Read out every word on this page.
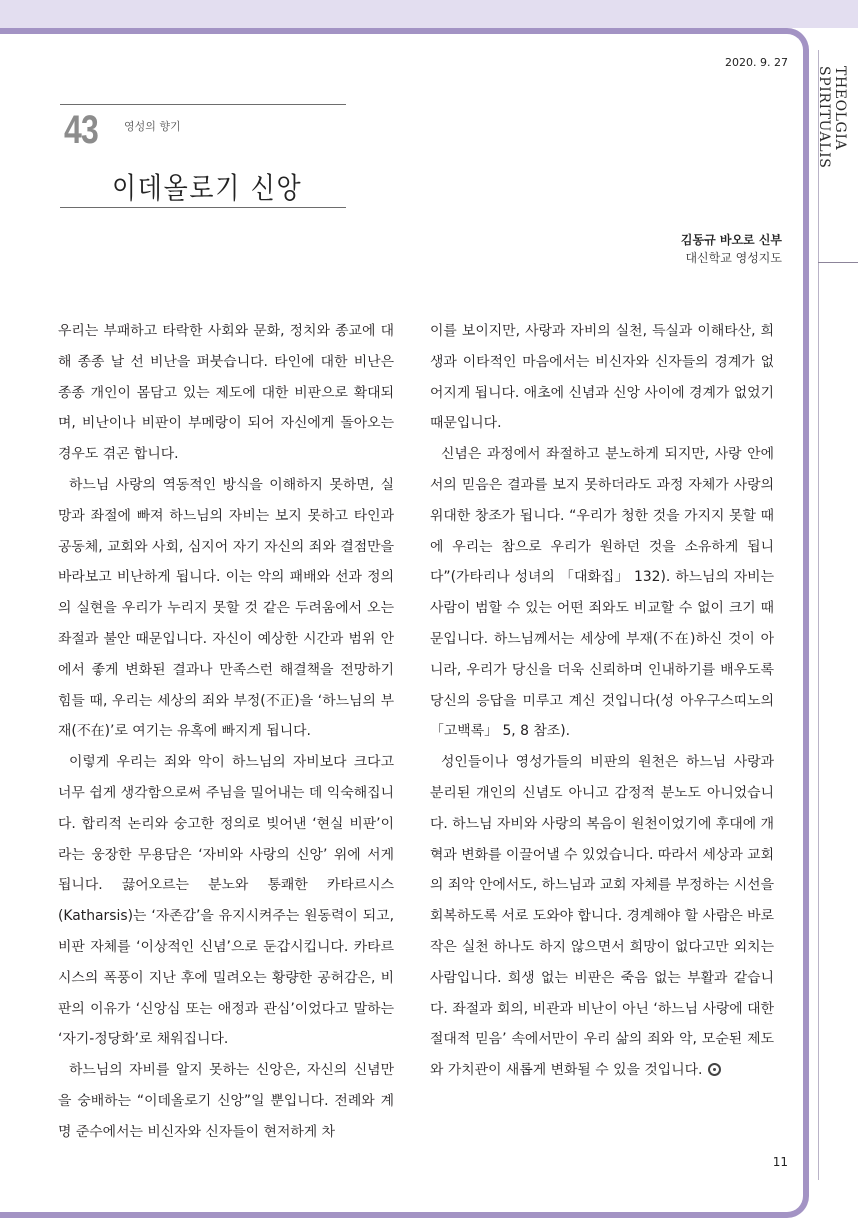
THEOLGIA SPIRITUALIS
2020. 9. 27
43 영성의 향기
이데올로기 신앙
김동규 바오로 신부
대신학교 영성지도

우리는 부패하고 타락한 사회와 문화, 정치와 종교에 대해 종종 날 선 비난을 퍼붓습니다. 타인에 대한 비난은 종종 개인이 몸담고 있는 제도에 대한 비판으로 확대되며, 비난이나 비판이 부메랑이 되어 자신에게 돌아오는 경우도 겪곤 합니다.

하느님 사랑의 역동적인 방식을 이해하지 못하면, 실망과 좌절에 빠져 하느님의 자비는 보지 못하고 타인과 공동체, 교회와 사회, 심지어 자기 자신의 죄와 결점만을 바라보고 비난하게 됩니다. 이는 악의 패배와 선과 정의의 실현을 우리가 누리지 못할 것 같은 두려움에서 오는 좌절과 불안 때문입니다. 자신이 예상한 시간과 범위 안에서 좋게 변화된 결과나 만족스런 해결책을 전망하기 힘들 때, 우리는 세상의 죄와 부정(不正)을 ‘하느님의 부재(不在)’로 여기는 유혹에 빠지게 됩니다.

이렇게 우리는 죄와 악이 하느님의 자비보다 크다고 너무 쉽게 생각함으로써 주님을 밀어내는 데 익숙해집니다. 합리적 논리와 숭고한 정의로 빚어낸 ‘현실 비판’이라는 웅장한 무용담은 ‘자비와 사랑의 신앙’ 위에 서게 됩니다. 끓어오르는 분노와 통쾌한 카타르시스(Katharsis)는 ‘자존감’을 유지시켜주는 원동력이 되고, 비판 자체를 ‘이상적인 신념’으로 둔갑시킵니다. 카타르시스의 폭풍이 지난 후에 밀려오는 황량한 공허감은, 비판의 이유가 ‘신앙심 또는 애정과 관심’이었다고 말하는 ‘자기-정당화’로 채워집니다.

하느님의 자비를 알지 못하는 신앙은, 자신의 신념만을 숭배하는 “이데올로기 신앙”일 뿐입니다. 전례와 계명 준수에서는 비신자와 신자들이 현저하게 차

이를 보이지만, 사랑과 자비의 실천, 득실과 이해타산, 희생과 이타적인 마음에서는 비신자와 신자들의 경계가 없어지게 됩니다. 애초에 신념과 신앙 사이에 경계가 없었기 때문입니다.

신념은 과정에서 좌절하고 분노하게 되지만, 사랑 안에서의 믿음은 결과를 보지 못하더라도 과정 자체가 사랑의 위대한 창조가 됩니다. “우리가 청한 것을 가지지 못할 때에 우리는 참으로 우리가 원하던 것을 소유하게 됩니다”(가타리나 성녀의 「대화집」 132). 하느님의 자비는 사람이 범할 수 있는 어떤 죄와도 비교할 수 없이 크기 때문입니다. 하느님께서는 세상에 부재(不在)하신 것이 아니라, 우리가 당신을 더욱 신뢰하며 인내하기를 배우도록 당신의 응답을 미루고 계신 것입니다(성 아우구스띠노의 「고백록」 5, 8 참조).

성인들이나 영성가들의 비판의 원천은 하느님 사랑과 분리된 개인의 신념도 아니고 감정적 분노도 아니었습니다. 하느님 자비와 사랑의 복음이 원천이었기에 후대에 개혁과 변화를 이끌어낼 수 있었습니다. 따라서 세상과 교회의 죄악 안에서도, 하느님과 교회 자체를 부정하는 시선을 회복하도록 서로 도와야 합니다. 경계해야 할 사람은 바로 작은 실천 하나도 하지 않으면서 희망이 없다고만 외치는 사람입니다. 희생 없는 비판은 죽음 없는 부활과 같습니다. 좌절과 회의, 비관과 비난이 아닌 ‘하느님 사랑에 대한 절대적 믿음’ 속에서만이 우리 삶의 죄와 악, 모순된 제도와 가치관이 새롭게 변화될 수 있을 것입니다.

11
